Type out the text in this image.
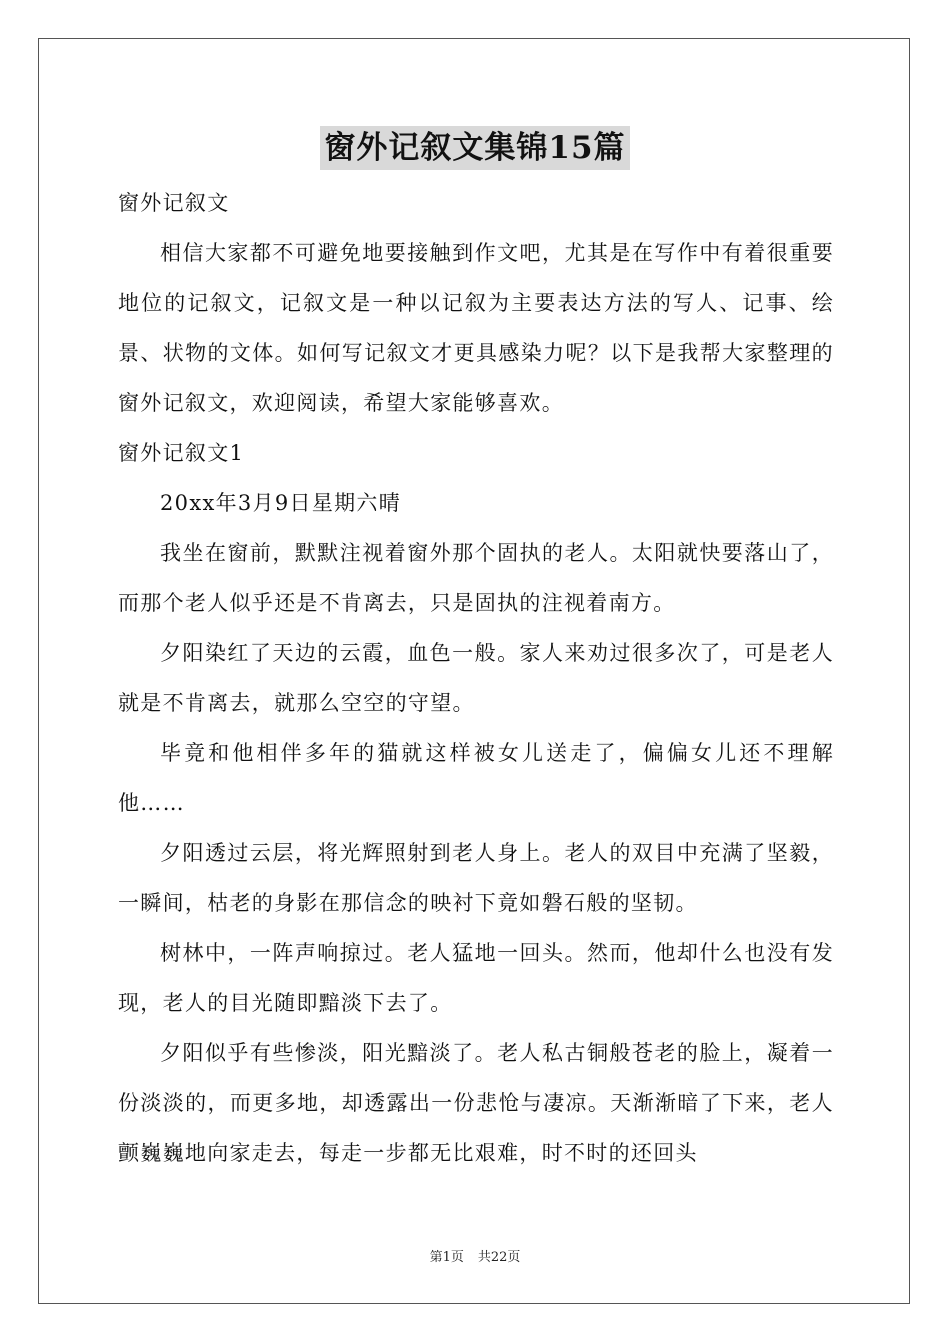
窗外记叙文集锦15篇

窗外记叙文

相信大家都不可避免地要接触到作文吧，尤其是在写作中有着很重要地位的记叙文，记叙文是一种以记叙为主要表达方法的写人、记事、绘景、状物的文体。如何写记叙文才更具感染力呢？以下是我帮大家整理的窗外记叙文，欢迎阅读，希望大家能够喜欢。

窗外记叙文1

20xx年3月9日星期六晴

我坐在窗前，默默注视着窗外那个固执的老人。太阳就快要落山了，而那个老人似乎还是不肯离去，只是固执的注视着南方。

夕阳染红了天边的云霞，血色一般。家人来劝过很多次了，可是老人就是不肯离去，就那么空空的守望。

毕竟和他相伴多年的猫就这样被女儿送走了，偏偏女儿还不理解他……

夕阳透过云层，将光辉照射到老人身上。老人的双目中充满了坚毅，一瞬间，枯老的身影在那信念的映衬下竟如磐石般的坚韧。

树林中，一阵声响掠过。老人猛地一回头。然而，他却什么也没有发现，老人的目光随即黯淡下去了。

夕阳似乎有些惨淡，阳光黯淡了。老人私古铜般苍老的脸上，凝着一份淡淡的，而更多地，却透露出一份悲怆与凄凉。天渐渐暗了下来，老人颤巍巍地向家走去，每走一步都无比艰难，时不时的还回头

第1页 共22页
